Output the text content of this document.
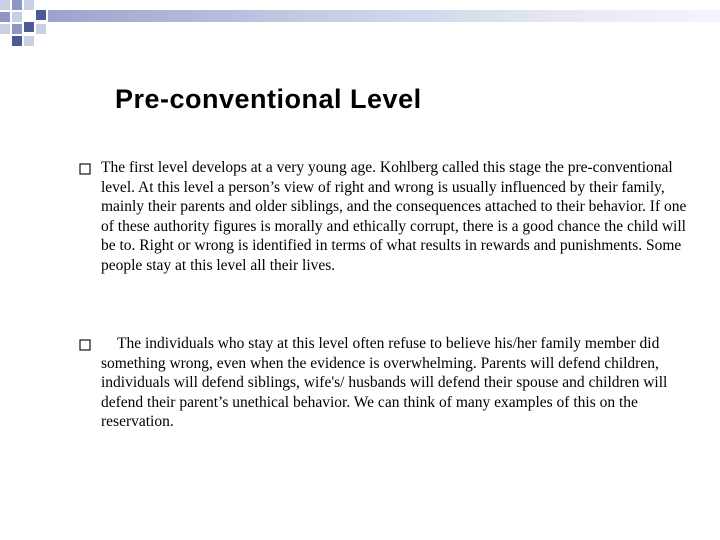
Pre-conventional Level
The first level develops at a very young age. Kohlberg called this stage the pre-conventional level. At this level a person’s view of right and wrong is usually influenced by their family, mainly their parents and older siblings, and the consequences attached to their behavior. If one of these authority figures is morally and ethically corrupt, there is a good chance the child will be to. Right or wrong is identified in terms of what results in rewards and punishments. Some people stay at this level all their lives.
The individuals who stay at this level often refuse to believe his/her family member did something wrong, even when the evidence is overwhelming. Parents will defend children, individuals will defend siblings, wife's/ husbands will defend their spouse and children will defend their parent’s unethical behavior. We can think of many examples of this on the reservation.
